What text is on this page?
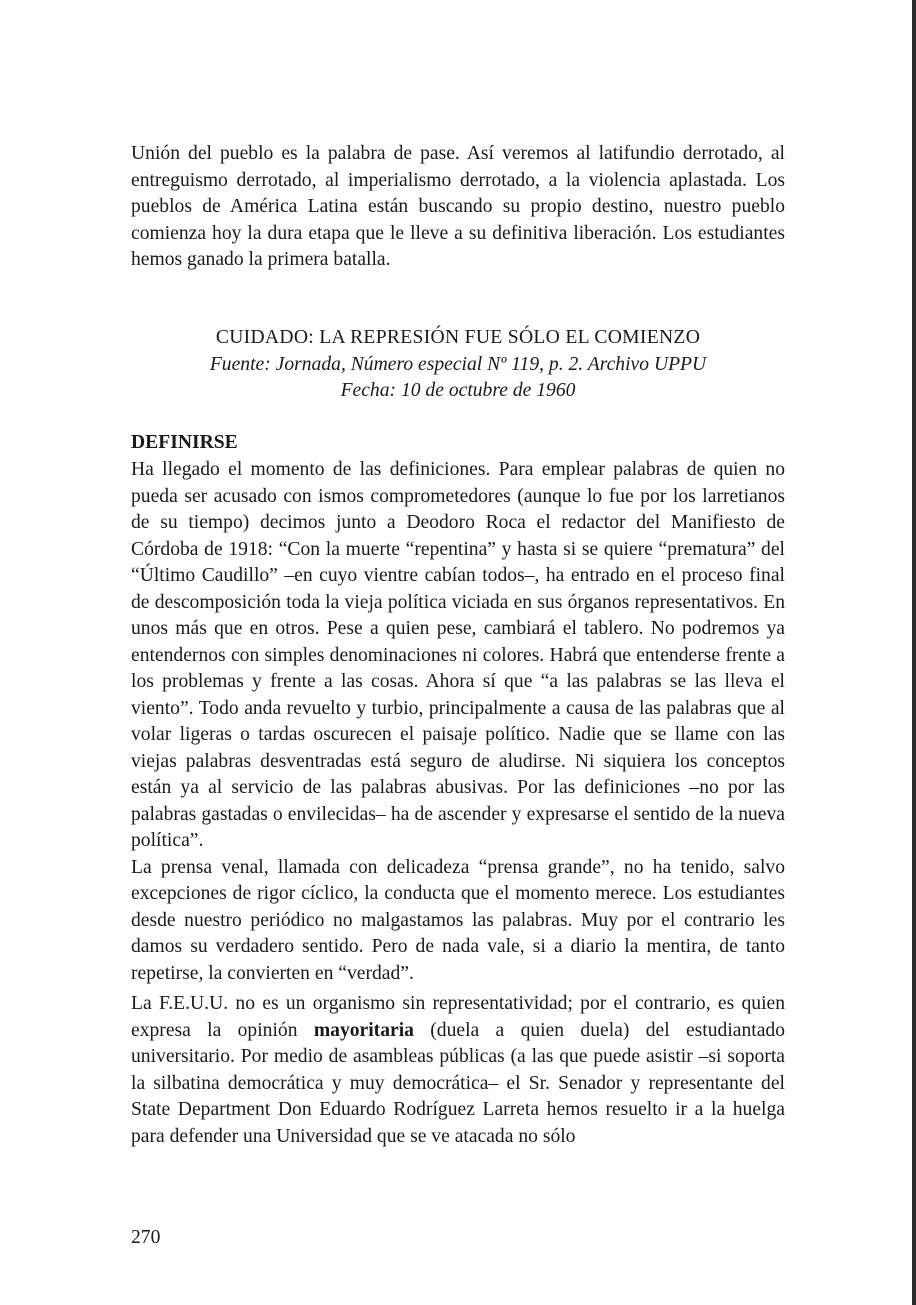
Unión del pueblo es la palabra de pase. Así veremos al latifundio derrotado, al entreguismo derrotado, al imperialismo derrotado, a la violencia aplastada. Los pueblos de América Latina están buscando su propio destino, nuestro pueblo comienza hoy la dura etapa que le lleve a su definitiva liberación. Los estudiantes hemos ganado la primera batalla.

CUIDADO: LA REPRESIÓN FUE SÓLO EL COMIENZO
Fuente: Jornada, Número especial Nº 119, p. 2. Archivo UPPU
Fecha: 10 de octubre de 1960
DEFINIRSE

Ha llegado el momento de las definiciones. Para emplear palabras de quien no pueda ser acusado con ismos comprometedores (aunque lo fue por los larretianos de su tiempo) decimos junto a Deodoro Roca el redactor del Manifiesto de Córdoba de 1918: “Con la muerte “repentina” y hasta si se quiere “prematura” del “Último Caudillo” –en cuyo vientre cabían todos–, ha entrado en el proceso final de descomposición toda la vieja política viciada en sus órganos representativos. En unos más que en otros. Pese a quien pese, cambiará el tablero. No podremos ya entendernos con simples denominaciones ni colores. Habrá que entenderse frente a los problemas y frente a las cosas. Ahora sí que “a las palabras se las lleva el viento”. Todo anda revuelto y turbio, principalmente a causa de las palabras que al volar ligeras o tardas oscurecen el paisaje político. Nadie que se llame con las viejas palabras desventradas está seguro de aludirse. Ni siquiera los conceptos están ya al servicio de las palabras abusivas. Por las definiciones –no por las palabras gastadas o envilecidas– ha de ascender y expresarse el sentido de la nueva política”.

La prensa venal, llamada con delicadeza “prensa grande”, no ha tenido, salvo excepciones de rigor cíclico, la conducta que el momento merece. Los estudiantes desde nuestro periódico no malgastamos las palabras. Muy por el contrario les damos su verdadero sentido. Pero de nada vale, si a diario la mentira, de tanto repetirse, la convierten en “verdad”.

La F.E.U.U. no es un organismo sin representatividad; por el contrario, es quien expresa la opinión mayoritaria (duela a quien duela) del estudiantado universitario. Por medio de asambleas públicas (a las que puede asistir –si soporta la silbatina democrática y muy democrática– el Sr. Senador y representante del State Department Don Eduardo Rodríguez Larreta hemos resuelto ir a la huelga para defender una Universidad que se ve atacada no sólo

270
